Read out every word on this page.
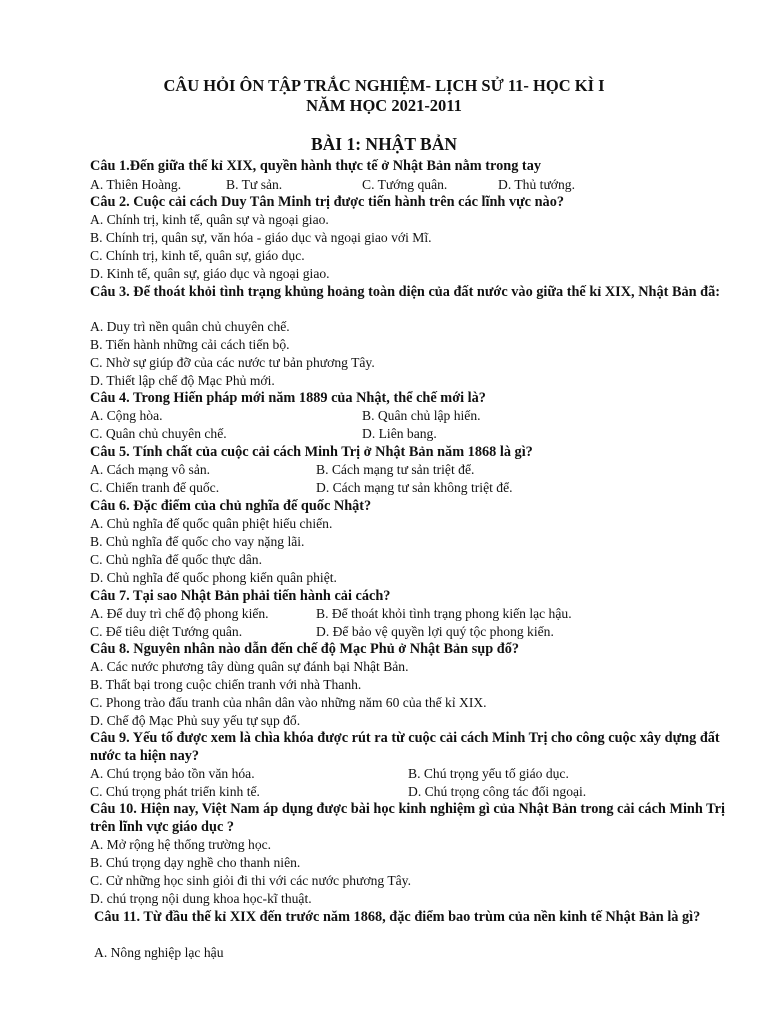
CÂU HỎI ÔN TẬP TRẮC NGHIỆM- LỊCH SỬ 11- HỌC KÌ I
NĂM HỌC 2021-2011
BÀI 1: NHẬT BẢN
Câu 1.Đến giữa thế kỉ XIX, quyền hành thực tế ở Nhật Bản nằm trong tay
A. Thiên Hoàng.	B. Tư sản.	C. Tướng quân.	D. Thủ tướng.
Câu 2. Cuộc cải cách Duy Tân Minh trị được tiến hành trên các lĩnh vực nào?
A. Chính trị, kinh tế, quân sự và ngoại giao.
B. Chính trị, quân sự, văn hóa - giáo dục và ngoại giao với Mĩ.
C. Chính trị, kinh tế, quân sự, giáo dục.
D. Kinh tế, quân sự, giáo dục và ngoại giao.
Câu 3. Để thoát khỏi tình trạng khủng hoảng toàn diện của đất nước vào giữa thế kỉ XIX, Nhật Bản đã:
A. Duy trì nền quân chủ chuyên chế.
B. Tiến hành những cải cách tiến bộ.
C. Nhờ sự giúp đỡ của các nước tư bản phương Tây.
D. Thiết lập chế độ Mạc Phủ mới.
Câu 4. Trong Hiến pháp mới năm 1889 của Nhật, thể chế mới là?
A. Cộng hòa.	B. Quân chủ lập hiến.
C. Quân chủ chuyên chế.	D. Liên bang.
Câu 5. Tính chất của cuộc cải cách Minh Trị ở Nhật Bản năm 1868 là gì?
A. Cách mạng vô sản.	B. Cách mạng tư sản triệt để.
C. Chiến tranh đế quốc.	D. Cách mạng tư sản không triệt để.
Câu 6. Đặc điểm của chủ nghĩa đế quốc Nhật?
A. Chủ nghĩa đế quốc quân phiệt hiếu chiến.
B. Chủ nghĩa đế quốc cho vay nặng lãi.
C. Chủ nghĩa đế quốc thực dân.
D. Chủ nghĩa đế quốc phong kiến quân phiệt.
Câu 7. Tại sao Nhật Bản phải tiến hành cải cách?
A. Để duy trì chế độ phong kiến.	B. Để thoát khỏi tình trạng phong kiến lạc hậu.
C. Để tiêu diệt Tướng quân.	D. Để bảo vệ quyền lợi quý tộc phong kiến.
Câu 8. Nguyên nhân nào dẫn đến chế độ Mạc Phủ ở Nhật Bản sụp đổ?
A. Các nước phương tây dùng quân sự đánh bại Nhật Bản.
B. Thất bại trong cuộc chiến tranh với nhà Thanh.
C. Phong trào đấu tranh của nhân dân vào những năm 60 của thế kỉ XIX.
D. Chế độ Mạc Phủ suy yếu tự sụp đổ.
Câu 9. Yếu tố được xem là chìa khóa được rút ra từ cuộc cải cách Minh Trị cho công cuộc xây dựng đất nước ta hiện nay?
A. Chú trọng bảo tồn văn hóa.	B. Chú trọng yếu tố giáo dục.
C. Chú trọng phát triển kinh tế.	D. Chú trọng công tác đối ngoại.
Câu 10. Hiện nay, Việt Nam áp dụng được bài học kinh nghiệm gì của Nhật Bản trong cải cách Minh Trị trên lĩnh vực giáo dục ?
A. Mở rộng hệ thống trường học.
B. Chú trọng dạy nghề cho thanh niên.
C. Cử những học sinh giỏi đi thi với các nước phương Tây.
D. chú trọng nội dung khoa học-kĩ thuật.
Câu 11. Từ đầu thế kỉ XIX đến trước năm 1868, đặc điểm bao trùm của nền kinh tế Nhật Bản là gì?
A. Nông nghiệp lạc hậu
